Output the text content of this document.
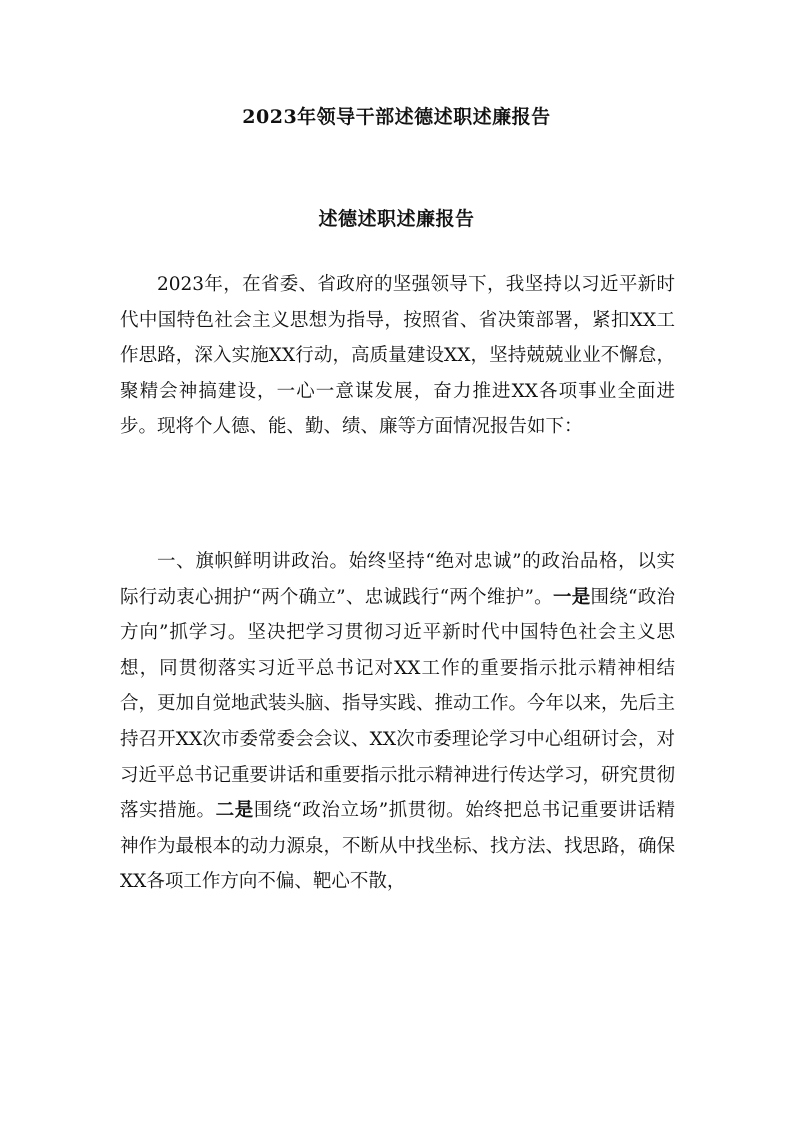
2023年领导干部述德述职述廉报告
述德述职述廉报告

2023年，在省委、省政府的坚强领导下，我坚持以习近平新时代中国特色社会主义思想为指导，按照省、省决策部署，紧扣XX工作思路，深入实施XX行动，高质量建设XX，坚持兢兢业业不懈怠，聚精会神搞建设，一心一意谋发展，奋力推进XX各项事业全面进步。现将个人德、能、勤、绩、廉等方面情况报告如下：

一、旗帜鲜明讲政治。始终坚持“绝对忠诚”的政治品格，以实际行动衷心拥护“两个确立”、忠诚践行“两个维护”。一是围绕“政治方向”抓学习。坚决把学习贯彻习近平新时代中国特色社会主义思想，同贯彻落实习近平总书记对XX工作的重要指示批示精神相结合，更加自觉地武装头脑、指导实践、推动工作。今年以来，先后主持召开XX次市委常委会会议、XX次市委理论学习中心组研讨会，对习近平总书记重要讲话和重要指示批示精神进行传达学习，研究贯彻落实措施。二是围绕“政治立场”抓贯彻。始终把总书记重要讲话精神作为最根本的动力源泉，不断从中找坐标、找方法、找思路，确保XX各项工作方向不偏、靶心不散，
